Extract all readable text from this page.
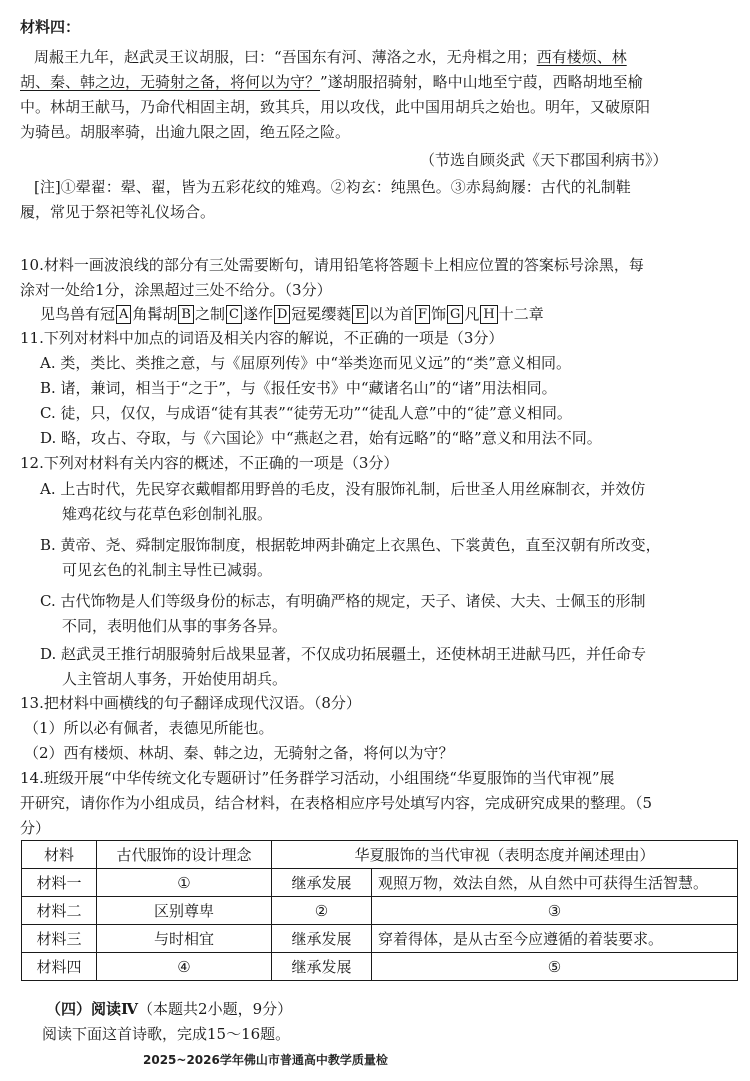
材料四：
周赧王九年，赵武灵王议胡服，曰：“吾国东有河、薄洛之水，无舟楫之用；西有楼烦、林
胡、秦、韩之边，无骑射之备，将何以为守？”遂胡服招骑射，略中山地至宁葭，西略胡地至榆
中。林胡王献马，乃命代相固主胡，致其兵，用以攻伐，此中国用胡兵之始也。明年，又破原阳
为骑邑。胡服率骑，出逾九限之固，绝五陉之险。
（节选自顾炎武《天下郡国利病书》）
[注]①翚翟：翚、翟，皆为五彩花纹的雉鸡。②袀玄：纯黑色。③赤舄絇屦：古代的礼制鞋
履，常见于祭祀等礼仪场合。
10.材料一画波浪线的部分有三处需要断句，请用铅笔将答题卡上相应位置的答案标号涂黑，每
涂对一处给1分，涂黑超过三处不给分。（3分）
见鸟兽有冠 A 角髯胡 B 之制 C 遂作 D 冠冕缨蕤 E 以为首 F 饰 G 凡 H 十二章
11.下列对材料中加点的词语及相关内容的解说，不正确的一项是（3分）
A. 类，类比、类推之意，与《屈原列传》中“举类迩而见义远”的“类”意义相同。
B. 诸，兼词，相当于“之于”，与《报任安书》中“藏诸名山”的“诸”用法相同。
C. 徒，只，仅仅，与成语“徒有其表”“徒劳无功”“徒乱人意”中的“徒”意义相同。
D. 略，攻占、夺取，与《六国论》中“燕赵之君，始有远略”的“略”意义和用法不同。
12.下列对材料有关内容的概述，不正确的一项是（3分）
A. 上古时代，先民穿衣戴帽都用野兽的毛皮，没有服饰礼制，后世圣人用丝麻制衣，并效仿
雉鸡花纹与花草色彩创制礼服。
B. 黄帝、尧、舜制定服饰制度，根据乾坤两卦确定上衣黑色、下裳黄色，直至汉朝有所改变，
可见玄色的礼制主导性已减弱。
C. 古代饰物是人们等级身份的标志，有明确严格的规定，天子、诸侯、大夫、士佩玉的形制
不同，表明他们从事的事务各异。
D. 赵武灵王推行胡服骑射后战果显著，不仅成功拓展疆土，还使林胡王进献马匹，并任命专
人主管胡人事务，开始使用胡兵。
13.把材料中画横线的句子翻译成现代汉语。（8分）
（1）所以必有佩者，表德见所能也。
（2）西有楼烦、林胡、秦、韩之边，无骑射之备，将何以为守？
14.班级开展“中华传统文化专题研讨”任务群学习活动，小组围绕“华夏服饰的当代审视”展
开研究，请你作为小组成员，结合材料，在表格相应序号处填写内容，完成研究成果的整理。（5
分）
材料	古代服饰的设计理念	华夏服饰的当代审视（表明态度并阐述理由）	
材料一	①	继承发展	观照万物，效法自然，从自然中可获得生活智慧。
材料二	区别尊卑	②	③
材料三	与时相宜	继承发展	穿着得体，是从古至今应遵循的着装要求。
材料四	④	继承发展	⑤
（四）阅读Ⅳ（本题共2小题，9分）
阅读下面这首诗歌，完成15～16题。
2025~2026学年佛山市普通高中教学质量检
